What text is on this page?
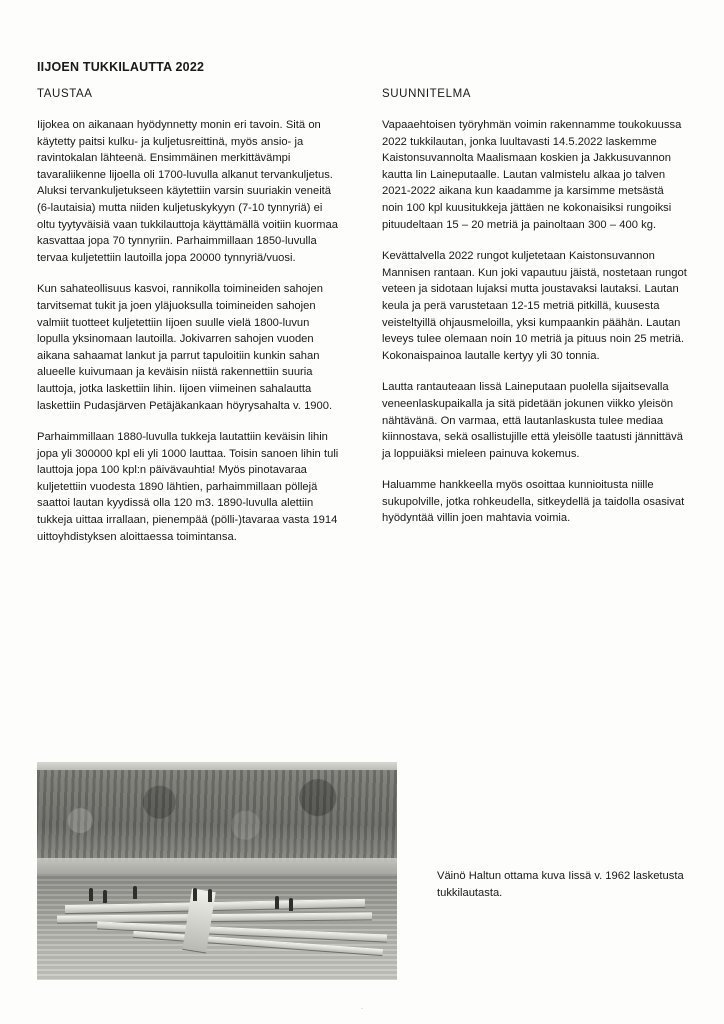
IIJOEN TUKKILAUTTA 2022
TAUSTAA

Iijokea on aikanaan hyödynnetty monin eri tavoin. Sitä on käytetty paitsi kulku- ja kuljetusreittinä, myös ansio- ja ravintokalan lähteenä. Ensimmäinen merkittävämpi tavaraliikenne lijoella oli 1700-luvulla alkanut tervankuljetus. Aluksi tervankuljetukseen käytettiin varsin suuriakin veneitä (6-lautaisia) mutta niiden kuljetuskykyyn (7-10 tynnyriä) ei oltu tyytyväisiä vaan tukkilauttoja käyttämällä voitiin kuormaa kasvattaa jopa 70 tynnyriin. Parhaimmillaan 1850-luvulla tervaa kuljetettiin lautoilla jopa 20000 tynnyriä/vuosi.

Kun sahateollisuus kasvoi, rannikolla toimineiden sahojen tarvitsemat tukit ja joen yläjuoksulla toimineiden sahojen valmiit tuotteet kuljetettiin Iijoen suulle vielä 1800-luvun lopulla yksinomaan lautoilla. Jokivarren sahojen vuoden aikana sahaamat lankut ja parrut tapuloitiin kunkin sahan alueelle kuivumaan ja keväisin niistä rakennettiin suuria lauttoja, jotka laskettiin lihin. Iijoen viimeinen sahalautta laskettiin Pudasjärven Petäjäkankaan höyrysahalta v. 1900.

Parhaimmillaan 1880-luvulla tukkeja lautattiin keväisin lihin jopa yli 300000 kpl eli yli 1000 lauttaa. Toisin sanoen lihin tuli lauttoja jopa 100 kpl:n päivävauhtia! Myös pinotavaraa kuljetettiin vuodesta 1890 lähtien, parhaimmillaan pöllejä saattoi lautan kyydissä olla 120 m3. 1890-luvulla alettiin tukkeja uittaa irrallaan, pienempää (pölli-)tavaraa vasta 1914 uittoyhdistyksen aloittaessa toimintansa.

SUUNNITELMA

Vapaaehtoisen työryhmän voimin rakennamme toukokuussa 2022 tukkilautan, jonka luultavasti 14.5.2022 laskemme Kaistonsuvannolta Maalismaan koskien ja Jakkusuvannon kautta lin Laineputaalle. Lautan valmistelu alkaa jo talven 2021-2022 aikana kun kaadamme ja karsimme metsästä noin 100 kpl kuusitukkeja jättäen ne kokonaisiksi rungoiksi pituudeltaan 15 – 20 metriä ja painoltaan 300 – 400 kg.

Kevättalvella 2022 rungot kuljetetaan Kaistonsuvannon Mannisen rantaan. Kun joki vapautuu jäistä, nostetaan rungot veteen ja sidotaan lujaksi mutta joustavaksi lautaksi. Lautan keula ja perä varustetaan 12-15 metriä pitkillä, kuusesta veisteltyillä ohjausmeloilla, yksi kumpaankin päähän. Lautan leveys tulee olemaan noin 10 metriä ja pituus noin 25 metriä. Kokonaispainoa lautalle kertyy yli 30 tonnia.

Lautta rantauteaan lissä Laineputaan puolella sijaitsevalla veneenlaskupaikalla ja sitä pidetään jokunen viikko yleisön nähtävänä. On varmaa, että lautanlaskusta tulee mediaa kiinnostava, sekä osallistujille että yleisölle taatusti jännittävä ja loppuiäksi mieleen painuva kokemus.

Haluamme hankkeella myös osoittaa kunnioitusta niille sukupolville, jotka rohkeudella, sitkeydellä ja taidolla osasivat hyödyntää villin joen mahtavia voimia.

Väinö Haltun ottama kuva Iissä v. 1962 lasketusta tukkilautasta.
.
